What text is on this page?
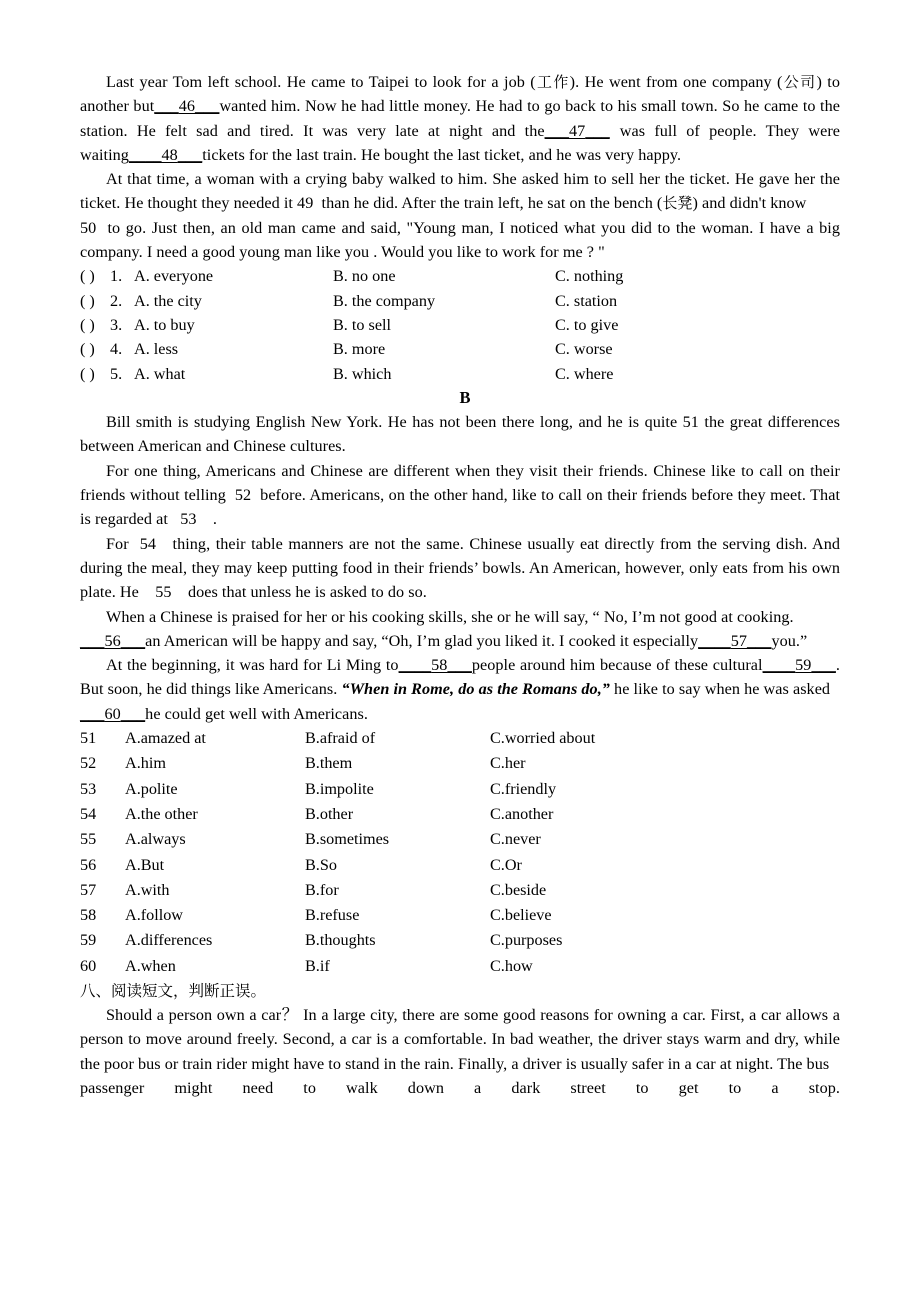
Last year Tom left school. He came to Taipei to look for a job (工作). He went from one company (公司) to another but___46___wanted him. Now he had little money. He had to go back to his small town. So he came to the station. He felt sad and tired. It was very late at night and the___47___ was full of people. They were waiting____48___tickets for the last train. He bought the last ticket, and he was very happy.

At that time, a woman with a crying baby walked to him. She asked him to sell her the ticket. He gave her the ticket. He thought they needed it 49 than he did. After the train left, he sat on the bench (长凳) and didn't know
50 to go. Just then, an old man came and said, "Young man, I noticed what you did to the woman. I have a big company. I need a good young man like you . Would you like to work for me ? "

( ) 1. A. everyone	B. no one	C. nothing
( ) 2. A. the city	B. the company	C. station
( ) 3. A. to buy	B. to sell	C. to give
( ) 4. A. less	B. more	C. worse
( ) 5. A. what	B. which	C. where

B

Bill smith is studying English New York. He has not been there long, and he is quite 51 the great differences between American and Chinese cultures.

For one thing, Americans and Chinese are different when they visit their friends. Chinese like to call on their friends without telling 52 before. Americans, on the other hand, like to call on their friends before they meet. That is regarded at 53 .

For 54 thing, their table manners are not the same. Chinese usually eat directly from the serving dish. And during the meal, they may keep putting food in their friends’ bowls. An American, however, only eats from his own plate. He 55 does that unless he is asked to do so.

When a Chinese is praised for her or his cooking skills, she or he will say, “ No, I’m not good at cooking.
___56___an American will be happy and say, “Oh, I’m glad you liked it. I cooked it especially____57___you.”

At the beginning, it was hard for Li Ming to____58___people around him because of these cultural____59___. But soon, he did things like Americans. “When in Rome, do as the Romans do,” he like to say when he was asked
___60___he could get well with Americans.

51	A.amazed at	B.afraid of	C.worried about
52	A.him	B.them	C.her
53	A.polite	B.impolite	C.friendly
54	A.the other	B.other	C.another
55	A.always	B.sometimes	C.never
56	A.But	B.So	C.Or
57	A.with	B.for	C.beside
58	A.follow	B.refuse	C.believe
59	A.differences	B.thoughts	C.purposes
60	A.when	B.if	C.how

八、阅读短文，判断正误。

Should a person own a car？ In a large city, there are some good reasons for owning a car. First, a car allows a person to move around freely. Second, a car is a comfortable. In bad weather, the driver stays warm and dry, while the poor bus or train rider might have to stand in the rain. Finally, a driver is usually safer in a car at night. The bus

passenger might need to walk down a dark street to get to a stop.
